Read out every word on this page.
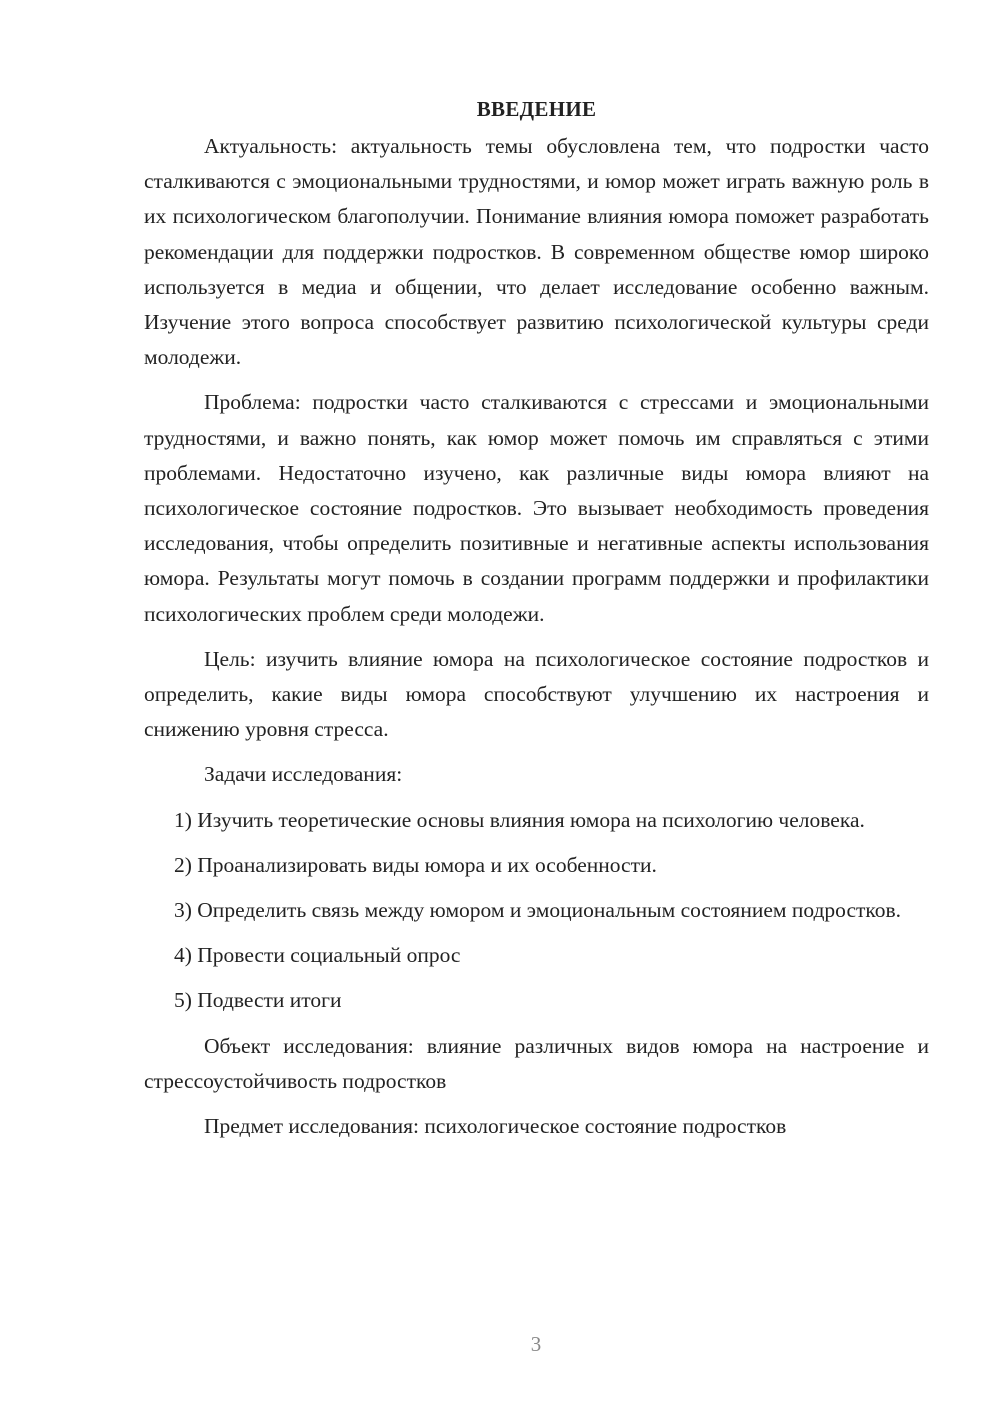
ВВЕДЕНИЕ

Актуальность: актуальность темы обусловлена тем, что подростки часто сталкиваются с эмоциональными трудностями, и юмор может играть важную роль в их психологическом благополучии. Понимание влияния юмора поможет разработать рекомендации для поддержки подростков. В современном обществе юмор широко используется в медиа и общении, что делает исследование особенно важным. Изучение этого вопроса способствует развитию психологической культуры среди молодежи.

Проблема: подростки часто сталкиваются с стрессами и эмоциональными трудностями, и важно понять, как юмор может помочь им справляться с этими проблемами. Недостаточно изучено, как различные виды юмора влияют на психологическое состояние подростков. Это вызывает необходимость проведения исследования, чтобы определить позитивные и негативные аспекты использования юмора. Результаты могут помочь в создании программ поддержки и профилактики психологических проблем среди молодежи.

Цель: изучить влияние юмора на психологическое состояние подростков и определить, какие виды юмора способствуют улучшению их настроения и снижению уровня стресса.

Задачи исследования:

1) Изучить теоретические основы влияния юмора на психологию человека.

2) Проанализировать виды юмора и их особенности.

3) Определить связь между юмором и эмоциональным состоянием подростков.

4) Провести социальный опрос

5) Подвести итоги

Объект исследования: влияние различных видов юмора на настроение и стрессоустойчивость подростков

Предмет исследования: психологическое состояние подростков

3
